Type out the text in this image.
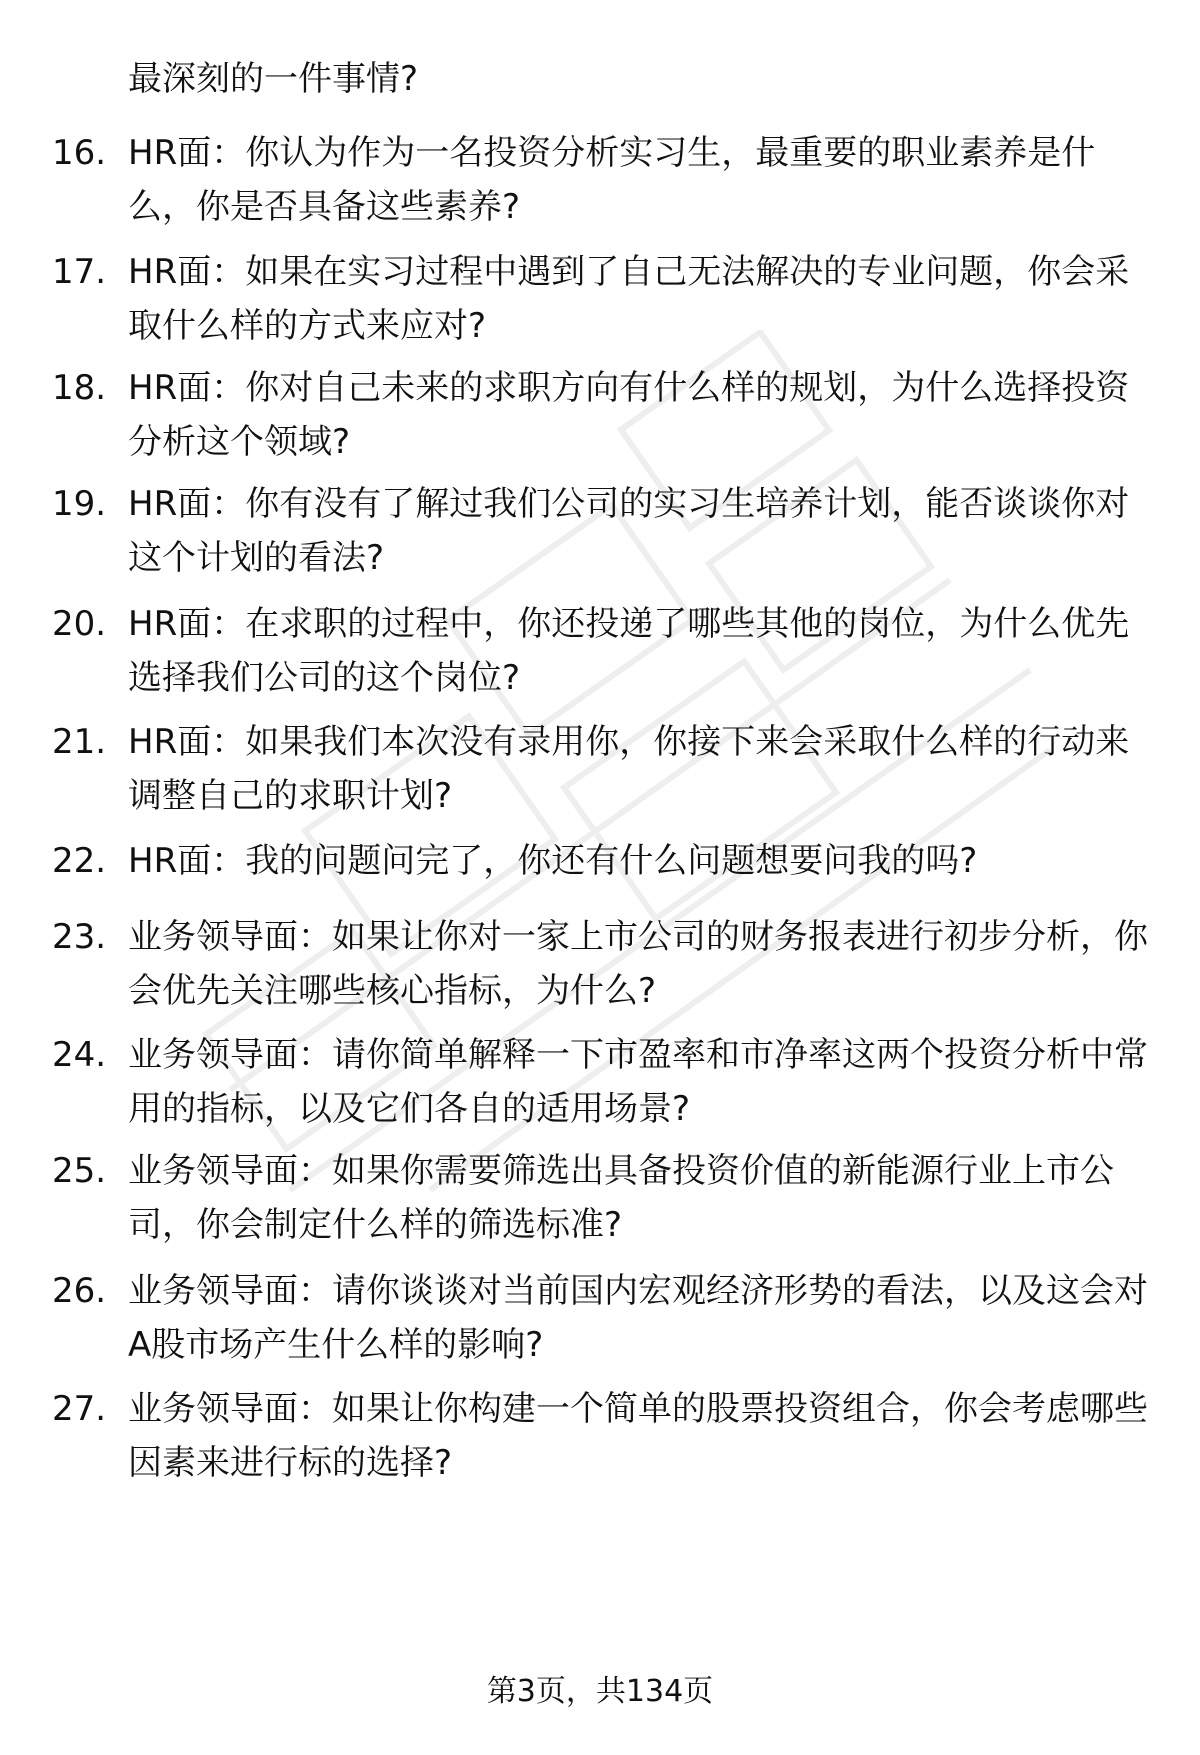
最深刻的一件事情?
16. HR面：你认为作为一名投资分析实习生，最重要的职业素养是什么，你是否具备这些素养?
17. HR面：如果在实习过程中遇到了自己无法解决的专业问题，你会采取什么样的方式来应对?
18. HR面：你对自己未来的求职方向有什么样的规划，为什么选择投资分析这个领域?
19. HR面：你有没有了解过我们公司的实习生培养计划，能否谈谈你对这个计划的看法?
20. HR面：在求职的过程中，你还投递了哪些其他的岗位，为什么优先选择我们公司的这个岗位?
21. HR面：如果我们本次没有录用你，你接下来会采取什么样的行动来调整自己的求职计划?
22. HR面：我的问题问完了，你还有什么问题想要问我的吗?
23. 业务领导面：如果让你对一家上市公司的财务报表进行初步分析，你会优先关注哪些核心指标，为什么?
24. 业务领导面：请你简单解释一下市盈率和市净率这两个投资分析中常用的指标，以及它们各自的适用场景?
25. 业务领导面：如果你需要筛选出具备投资价值的新能源行业上市公司，你会制定什么样的筛选标准?
26. 业务领导面：请你谈谈对当前国内宏观经济形势的看法，以及这会对A股市场产生什么样的影响?
27. 业务领导面：如果让你构建一个简单的股票投资组合，你会考虑哪些因素来进行标的选择?
第3页，共134页
